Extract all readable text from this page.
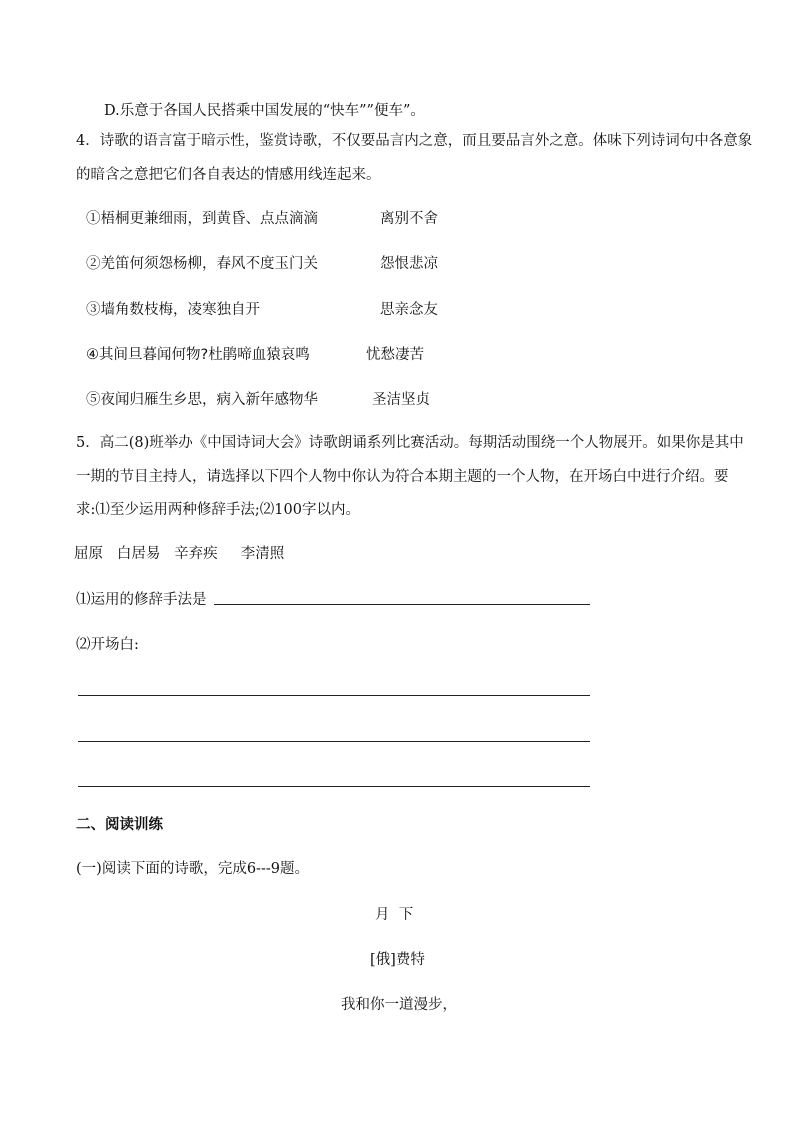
D.乐意于各国人民搭乘中国发展的“快车””便车”。
4．诗歌的语言富于暗示性，鉴赏诗歌，不仅要品言内之意，而且要品言外之意。体味下列诗词句中各意象
的暗含之意把它们各自表达的情感用线连起来。
①梧桐更兼细雨，到黄昏、点点滴滴	离别不舍
②羌笛何须怨杨柳，春风不度玉门关	怨恨悲凉
③墙角数枝梅，凌寒独自开	思亲念友
④其间旦暮闻何物?杜鹃啼血猿哀鸣	忧愁凄苦
⑤夜闻归雁生乡思，病入新年感物华	圣洁坚贞
5．高二(8)班举办《中国诗词大会》诗歌朗诵系列比赛活动。每期活动围绕一个人物展开。如果你是其中
一期的节目主持人，请选择以下四个人物中你认为符合本期主题的一个人物，在开场白中进行介绍。要
求:⑴至少运用两种修辞手法;⑵100字以内。
屈原   白居易   辛弃疾     李清照
⑴运用的修辞手法是
⑵开场白:
二、阅读训练
(一)阅读下面的诗歌，完成6---9题。
月  下
[俄]费特
我和你一道漫步，
